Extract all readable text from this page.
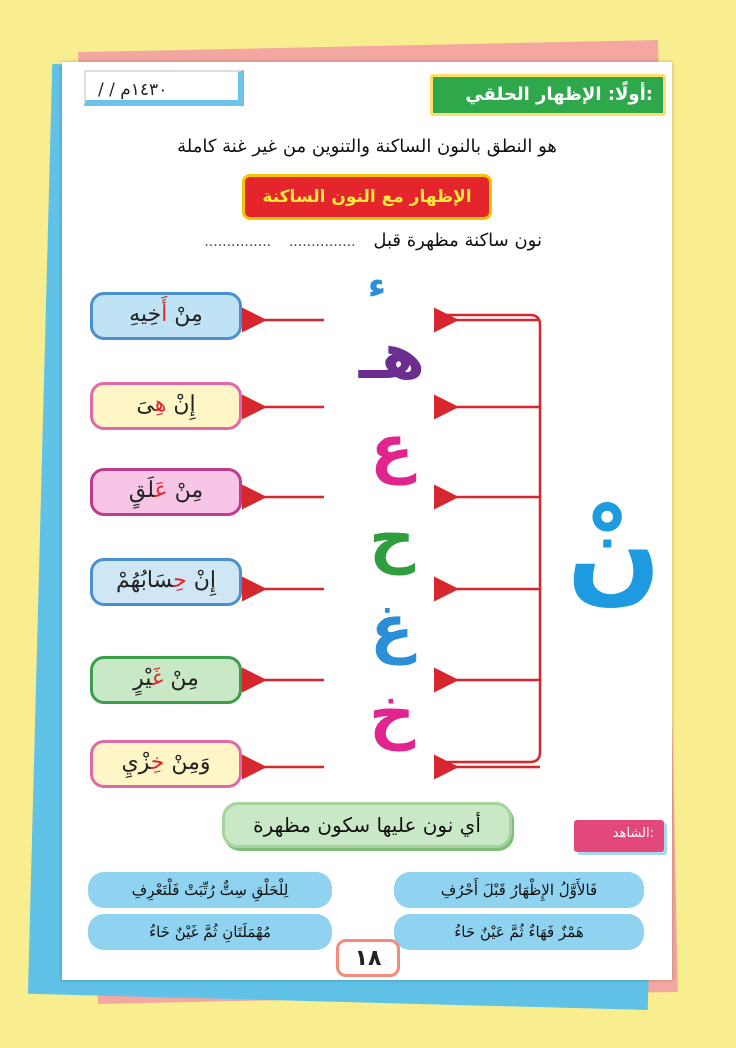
/ / ١٤٣٠م	أولًا: الإظهار الحلقي:
هو النطق بالنون الساكنة والتنوين من غير غنة كاملة
الإظهار مع النون الساكنة
نون ساكنة مظهرة قبل ............... ...............
ء
هـ
ع
ح
غ
خ
نْ
مِنْ أَخِيهِ
إِنْ هِىَ
مِنْ عَلَقٍ
إِنْ حِسَابُهُمْ
مِنْ غَيْرٍ
وَمِنْ خِزْيِ
أي نون عليها سكون مظهرة	الشاهد:
فَالأَوَّلُ الإِظْهَارُ قَبْلَ أَحْرُفِ
هَمْزٌ فَهَاءٌ ثُمَّ عَيْنٌ حَاءُ
لِلْحَلْقِ سِتٌّ رُتِّبَتْ فَلْتَعْرِفِ
مُهْمَلَتَانِ ثُمَّ غَيْنٌ خَاءُ
١٨
